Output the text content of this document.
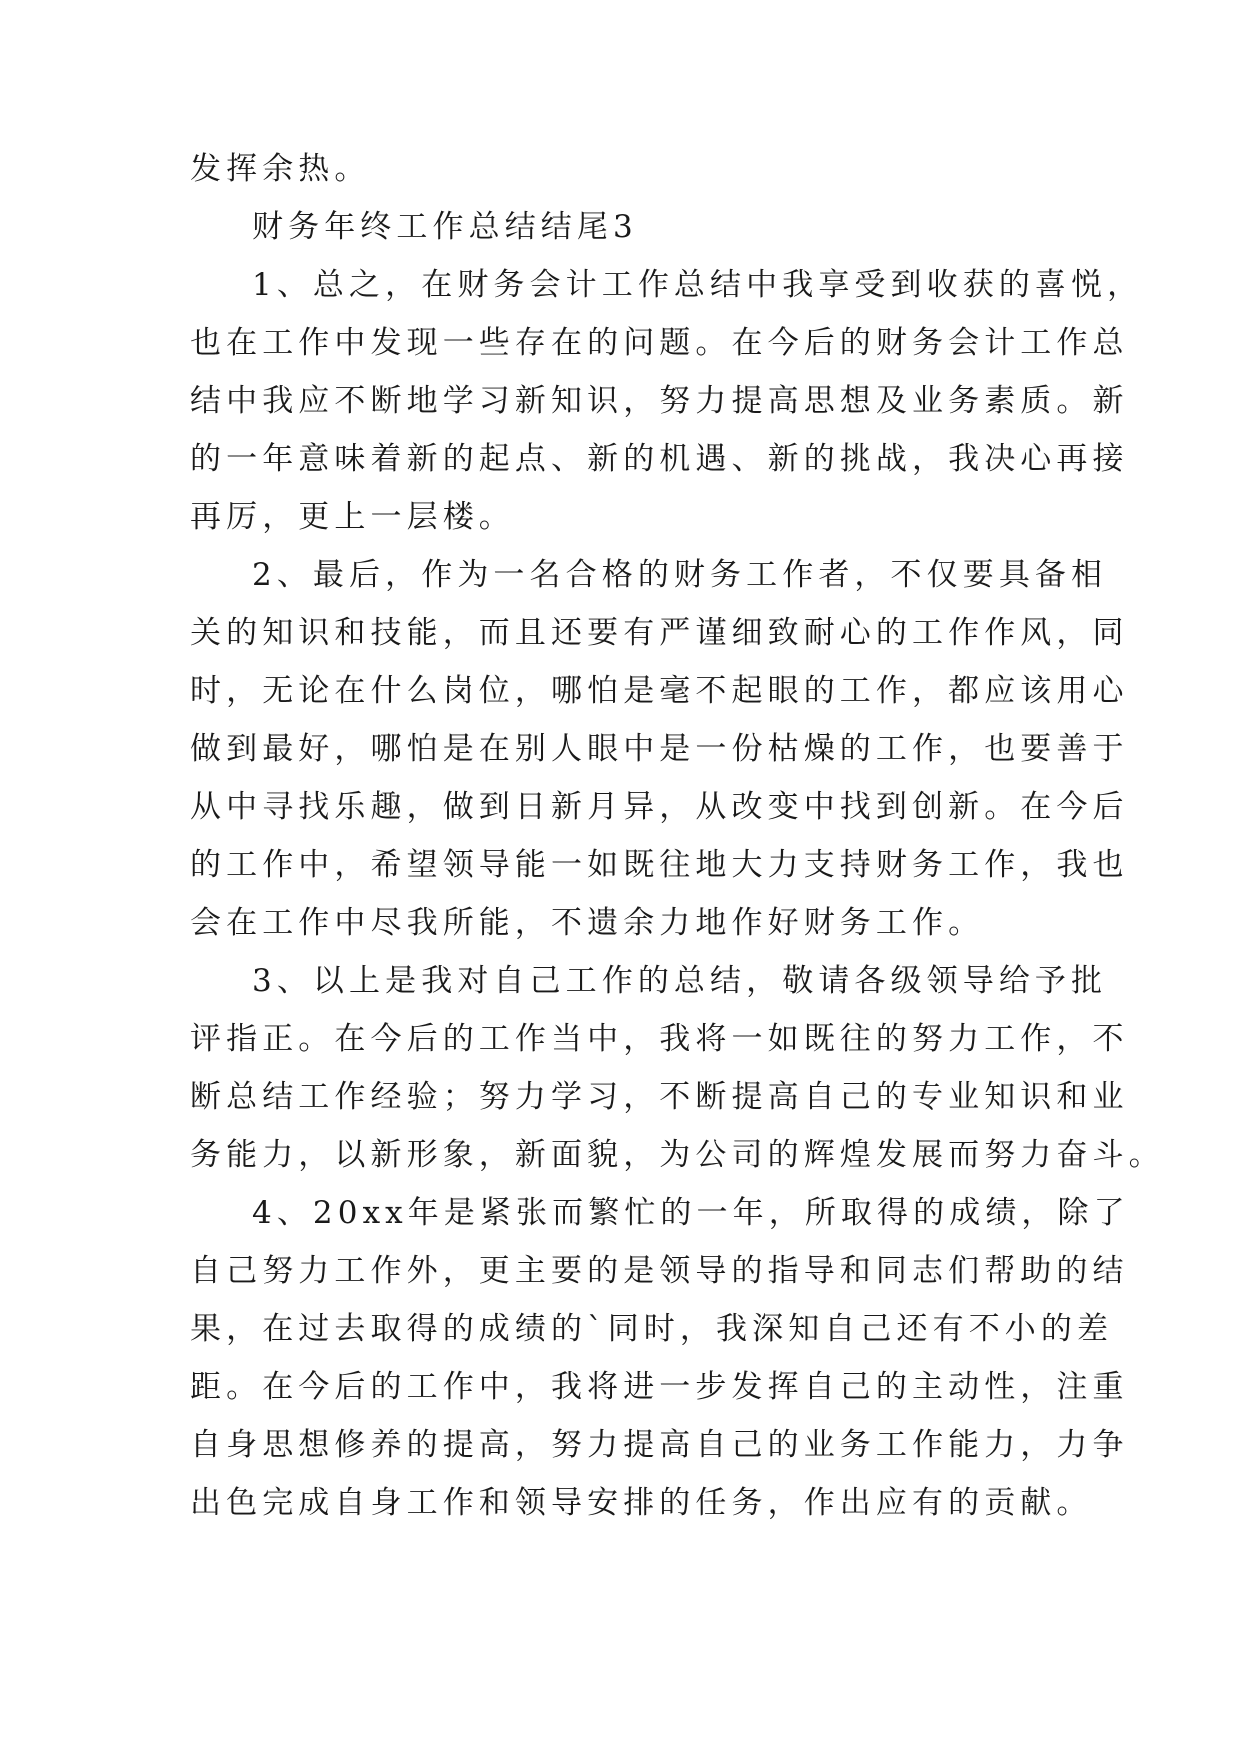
发挥余热。
财务年终工作总结结尾3
1、总之，在财务会计工作总结中我享受到收获的喜悦，
也在工作中发现一些存在的问题。在今后的财务会计工作总
结中我应不断地学习新知识，努力提高思想及业务素质。新
的一年意味着新的起点、新的机遇、新的挑战，我决心再接
再厉，更上一层楼。
2、最后，作为一名合格的财务工作者，不仅要具备相
关的知识和技能，而且还要有严谨细致耐心的工作作风，同
时，无论在什么岗位，哪怕是毫不起眼的工作，都应该用心
做到最好，哪怕是在别人眼中是一份枯燥的工作，也要善于
从中寻找乐趣，做到日新月异，从改变中找到创新。在今后
的工作中，希望领导能一如既往地大力支持财务工作，我也
会在工作中尽我所能，不遗余力地作好财务工作。
3、以上是我对自己工作的总结，敬请各级领导给予批
评指正。在今后的工作当中，我将一如既往的努力工作，不
断总结工作经验；努力学习，不断提高自己的专业知识和业
务能力，以新形象，新面貌，为公司的辉煌发展而努力奋斗。
4、20xx年是紧张而繁忙的一年，所取得的成绩，除了
自己努力工作外，更主要的是领导的指导和同志们帮助的结
果，在过去取得的成绩的`同时，我深知自己还有不小的差
距。在今后的工作中，我将进一步发挥自己的主动性，注重
自身思想修养的提高，努力提高自己的业务工作能力，力争
出色完成自身工作和领导安排的任务，作出应有的贡献。
